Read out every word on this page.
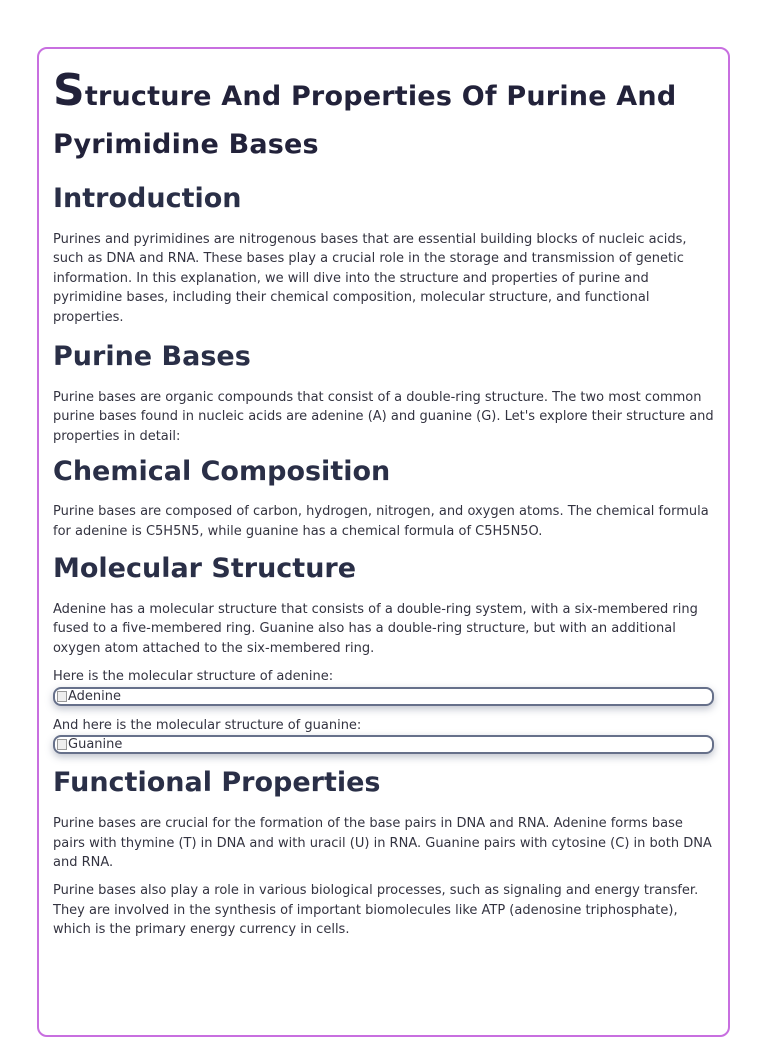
Structure And Properties Of Purine And Pyrimidine Bases
Introduction

Purines and pyrimidines are nitrogenous bases that are essential building blocks of nucleic acids, such as DNA and RNA. These bases play a crucial role in the storage and transmission of genetic information. In this explanation, we will dive into the structure and properties of purine and pyrimidine bases, including their chemical composition, molecular structure, and functional properties.

Purine Bases

Purine bases are organic compounds that consist of a double-ring structure. The two most common purine bases found in nucleic acids are adenine (A) and guanine (G). Let's explore their structure and properties in detail:

Chemical Composition

Purine bases are composed of carbon, hydrogen, nitrogen, and oxygen atoms. The chemical formula for adenine is C5H5N5, while guanine has a chemical formula of C5H5N5O.

Molecular Structure

Adenine has a molecular structure that consists of a double-ring system, with a six-membered ring fused to a five-membered ring. Guanine also has a double-ring structure, but with an additional oxygen atom attached to the six-membered ring.

Here is the molecular structure of adenine:

Adenine

And here is the molecular structure of guanine:

Guanine
Functional Properties

Purine bases are crucial for the formation of the base pairs in DNA and RNA. Adenine forms base pairs with thymine (T) in DNA and with uracil (U) in RNA. Guanine pairs with cytosine (C) in both DNA and RNA.

Purine bases also play a role in various biological processes, such as signaling and energy transfer. They are involved in the synthesis of important biomolecules like ATP (adenosine triphosphate), which is the primary energy currency in cells.
